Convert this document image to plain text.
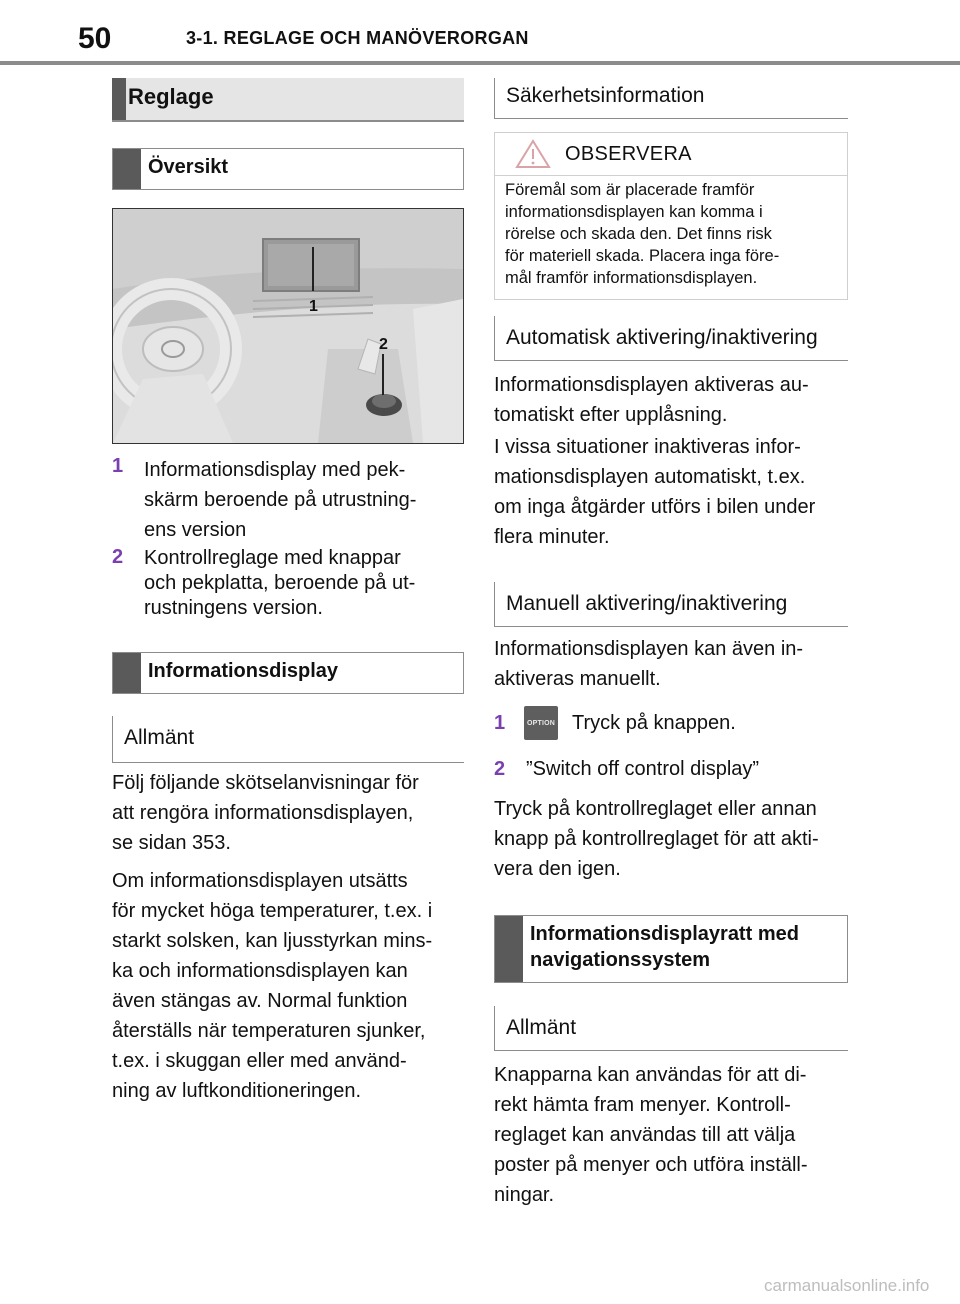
50	3-1. REGLAGE OCH MANÖVERORGAN
Reglage
Översikt
1
2
1 Informationsdisplay med pek-
skärm beroende på utrustning-
ens version
2 Kontrollreglage med knappar
och pekplatta, beroende på ut-
rustningens version.
Informationsdisplay
Allmänt
Följ följande skötselanvisningar för
att rengöra informationsdisplayen,
se sidan 353.
Om informationsdisplayen utsätts
för mycket höga temperaturer, t.ex. i
starkt solsken, kan ljusstyrkan mins-
ka och informationsdisplayen kan
även stängas av. Normal funktion
återställs när temperaturen sjunker,
t.ex. i skuggan eller med använd-
ning av luftkonditioneringen.
Säkerhetsinformation
OBSERVERA
Föremål som är placerade framför
informationsdisplayen kan komma i
rörelse och skada den. Det finns risk
för materiell skada. Placera inga före-
mål framför informationsdisplayen.
Automatisk aktivering/inaktivering
Informationsdisplayen aktiveras au-
tomatiskt efter upplåsning.
I vissa situationer inaktiveras infor-
mationsdisplayen automatiskt, t.ex.
om inga åtgärder utförs i bilen under
flera minuter.
Manuell aktivering/inaktivering
Informationsdisplayen kan även in-
aktiveras manuellt.
1	OPTION Tryck på knappen.
2 ”Switch off control display”
Tryck på kontrollreglaget eller annan
knapp på kontrollreglaget för att akti-
vera den igen.
Informationsdisplayratt med
navigationssystem
Allmänt
Knapparna kan användas för att di-
rekt hämta fram menyer. Kontroll-
reglaget kan användas till att välja
poster på menyer och utföra inställ-
ningar.
carmanualsonline.info
